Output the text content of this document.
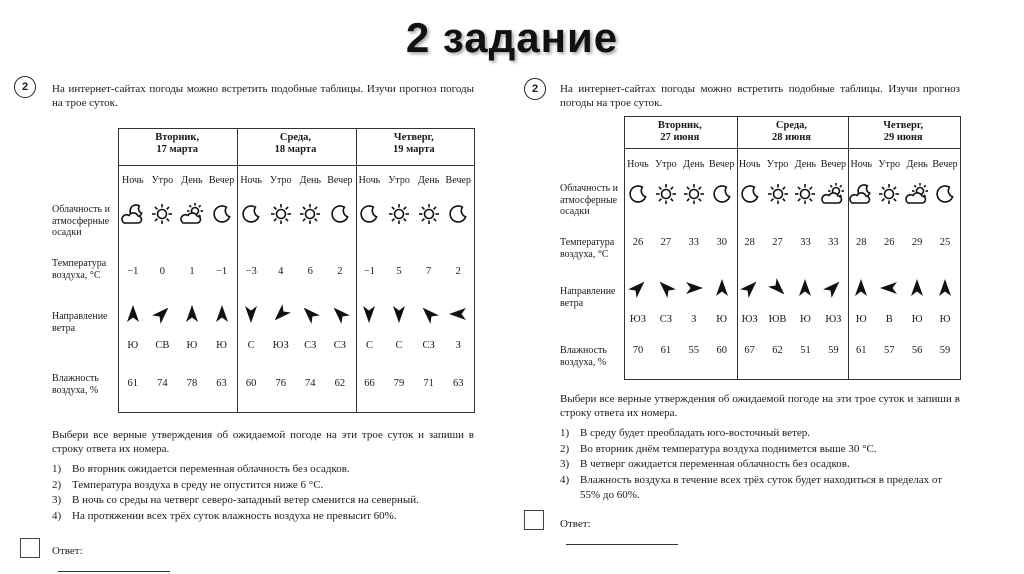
2 задание
2	На интернет-сайтах погоды можно встретить подобные таблицы. Изучи прогноз погоды на трое суток.
Вторник,
17 марта
Среда,
18 марта
Четверг,
19 марта
Ночь
−1
Ю
61
Утро
0
СВ
74
День
1
Ю
78
Вечер
−1
Ю
63
Ночь
−3
С
60
Утро
4
ЮЗ
76
День
6
СЗ
74
Вечер
2
СЗ
62
Ночь
−1
С
66
Утро
5
С
79
День
7
СЗ
71
Вечер
2
З
63
Облачность и атмосферные осадки
Температура воздуха, °С
Направление ветра
Влажность воздуха, %
Выбери все верные утверждения об ожидаемой погоде на эти трое суток и запиши в строку ответа их номера.
1) Во вторник ожидается переменная облачность без осадков.
2) Температура воздуха в среду не опустится ниже 6 °С.
3) В ночь со среды на четверг северо-западный ветер сменится на северный.
4) На протяжении всех трёх суток влажность воздуха не превысит 60%.
Ответ:
2	На интернет-сайтах погоды можно встретить подобные таблицы. Изучи прогноз погоды на трое суток.
Вторник,
27 июня
Среда,
28 июня
Четверг,
29 июня
Ночь
26
ЮЗ
70
Утро
27
СЗ
61
День
33
З
55
Вечер
30
Ю
60
Ночь
28
ЮЗ
67
Утро
27
ЮВ
62
День
33
Ю
51
Вечер
33
ЮЗ
59
Ночь
28
Ю
61
Утро
26
В
57
День
29
Ю
56
Вечер
25
Ю
59
Облачность и атмосферные осадки
Температура воздуха, °С
Направление ветра
Влажность воздуха, %
Выбери все верные утверждения об ожидаемой погоде на эти трое суток и запиши в строку ответа их номера.
1) В среду будет преобладать юго-восточный ветер.
2) Во вторник днём температура воздуха поднимется выше 30 °С.
3) В четверг ожидается переменная облачность без осадков.
4) Влажность воздуха в течение всех трёх суток будет находиться в пределах от 55% до 60%.
Ответ:
